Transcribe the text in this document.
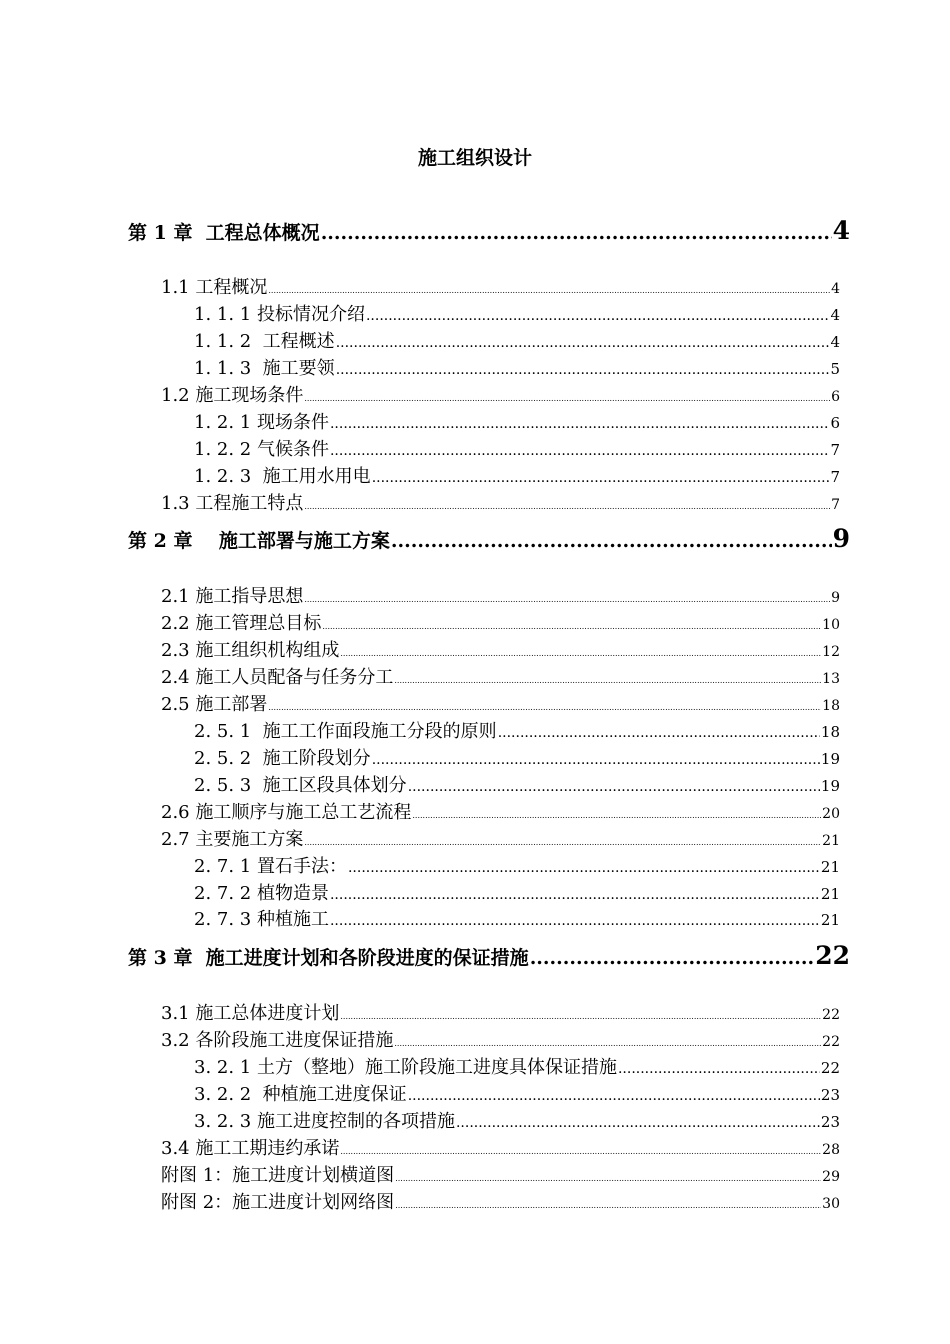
施工组织设计
第 1 章  工程总体概况 .....	4
1.1 工程概况 .....	4
1. 1. 1 投标情况介绍 .....	4
1. 1. 2  工程概述 .....	4
1. 1. 3  施工要领 .....	5
1.2 施工现场条件 .....	6
1. 2. 1 现场条件 .....	6
1. 2. 2 气候条件 .....	7
1. 2. 3  施工用水用电 .....	7
1.3 工程施工特点 .....	7
第 2 章    施工部署与施工方案 .....	9
2.1 施工指导思想 .....	9
2.2 施工管理总目标 .....	10
2.3 施工组织机构组成 .....	12
2.4 施工人员配备与任务分工 .....	13
2.5 施工部署 .....	18
2. 5. 1  施工工作面段施工分段的原则 .....	18
2. 5. 2  施工阶段划分 .....	19
2. 5. 3  施工区段具体划分 .....	19
2.6 施工顺序与施工总工艺流程 .....	20
2.7 主要施工方案 .....	21
2. 7. 1 置石手法： .....	21
2. 7. 2 植物造景 .....	21
2. 7. 3 种植施工 .....	21
第 3 章  施工进度计划和各阶段进度的保证措施 .....	22
3.1 施工总体进度计划 .....	22
3.2 各阶段施工进度保证措施 .....	22
3. 2. 1 土方（整地）施工阶段施工进度具体保证措施 .....	22
3. 2. 2  种植施工进度保证 .....	23
3. 2. 3 施工进度控制的各项措施 .....	23
3.4 施工工期违约承诺 .....	28
附图 1：施工进度计划横道图 .....	29
附图 2：施工进度计划网络图 .....	30
